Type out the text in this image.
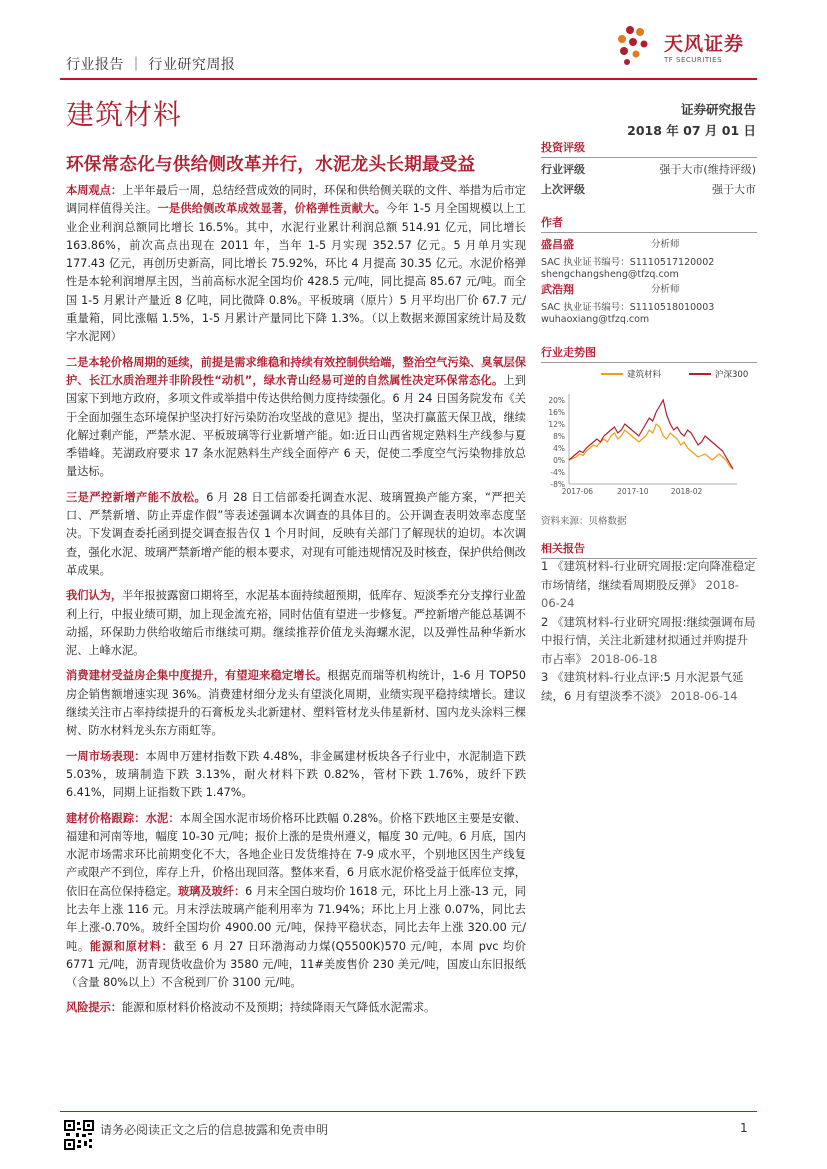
行业报告 ｜ 行业研究周报
建筑材料
天风证券
TF SECURITIES
证券研究报告
2018 年 07 月 01 日
环保常态化与供给侧改革并行，水泥龙头长期最受益

本周观点：上半年最后一周，总结经营成效的同时，环保和供给侧关联的文件、举措为后市定调同样值得关注。一是供给侧改革成效显著，价格弹性贡献大。今年 1-5 月全国规模以上工业企业利润总额同比增长 16.5%。其中，水泥行业累计利润总额 514.91 亿元，同比增长 163.86%，前次高点出现在 2011 年，当年 1-5 月实现 352.57 亿元。5 月单月实现 177.43 亿元，再创历史新高，同比增长 75.92%，环比 4 月提高 30.35 亿元。水泥价格弹性是本轮利润增厚主因，当前高标水泥全国均价 428.5 元/吨，同比提高 85.67 元/吨。而全国 1-5 月累计产量近 8 亿吨，同比微降 0.8%。平板玻璃（原片）5 月平均出厂价 67.7 元/重量箱，同比涨幅 1.5%，1-5 月累计产量同比下降 1.3%。（以上数据来源国家统计局及数字水泥网）

二是本轮价格周期的延续，前提是需求维稳和持续有效控制供给端，整治空气污染、臭氧层保护、长江水质治理并非阶段性“动机”，绿水青山经易可逆的自然属性决定环保常态化。上到国家下到地方政府，多项文件或举措中传达供给侧力度持续强化。6 月 24 日国务院发布《关于全面加强生态环境保护坚决打好污染防治攻坚战的意见》提出，坚决打赢蓝天保卫战，继续化解过剩产能，严禁水泥、平板玻璃等行业新增产能。如:近日山西省规定熟料生产线参与夏季错峰。芜湖政府要求 17 条水泥熟料生产线全面停产 6 天，促使二季度空气污染物排放总量达标。

三是严控新增产能不放松。6 月 28 日工信部委托调查水泥、玻璃置换产能方案，“严把关口、严禁新增、防止弄虚作假”等表述强调本次调查的具体目的。公开调查表明效率态度坚决。下发调查委托函到提交调查报告仅 1 个月时间，反映有关部门了解现状的迫切。本次调查，强化水泥、玻璃严禁新增产能的根本要求，对现有可能违规情况及时核查，保护供给侧改革成果。

我们认为，半年报披露窗口期将至，水泥基本面持续超预期，低库存、短淡季充分支撑行业盈利上行，中报业绩可期，加上现金流充裕，同时估值有望进一步修复。严控新增产能总基调不动摇，环保助力供给收缩后市继续可期。继续推荐价值龙头海螺水泥，以及弹性品种华新水泥、上峰水泥。

消费建材受益房企集中度提升，有望迎来稳定增长。根据克而瑞等机构统计，1-6 月 TOP50 房企销售额增速实现 36%。消费建材细分龙头有望淡化周期，业绩实现平稳持续增长。建议继续关注市占率持续提升的石膏板龙头北新建材、塑料管材龙头伟星新材、国内龙头涂料三棵树、防水材料龙头东方雨虹等。

一周市场表现：本周申万建材指数下跌 4.48%，非金属建材板块各子行业中，水泥制造下跌 5.03%，玻璃制造下跌 3.13%，耐火材料下跌 0.82%，管材下跌 1.76%，玻纤下跌 6.41%，同期上证指数下跌 1.47%。

建材价格跟踪：水泥：本周全国水泥市场价格环比跌幅 0.28%。价格下跌地区主要是安徽、福建和河南等地，幅度 10-30 元/吨；报价上涨的是贵州遵义，幅度 30 元/吨。6 月底，国内水泥市场需求环比前期变化不大，各地企业日发货维持在 7-9 成水平，个别地区因生产线复产或限产不到位，库存上升，价格出现回落。整体来看，6 月底水泥价格受益于低库位支撑，依旧在高位保持稳定。玻璃及玻纤：6 月末全国白玻均价 1618 元，环比上月上涨-13 元，同比去年上涨 116 元。月末浮法玻璃产能利用率为 71.94%；环比上月上涨 0.07%，同比去年上涨-0.70%。玻纤全国均价 4900.00 元/吨，保持平稳状态，同比去年上涨 320.00 元/吨。能源和原材料：截至 6 月 27 日环渤海动力煤(Q5500K)570 元/吨，本周 pvc 均价 6771 元/吨，沥青现货收盘价为 3580 元/吨，11#美废售价 230 美元/吨，国废山东旧报纸（含量 80%以上）不含税到厂价 3100 元/吨。

风险提示：能源和原材料价格波动不及预期；持续降雨天气降低水泥需求。

投资评级
行业评级	强于大市(维持评级)
上次评级	强于大市
作者
盛昌盛	分析师
SAC 执业证书编号：S1110517120002
shengchangsheng@tfzq.com
武浩翔	分析师
SAC 执业证书编号：S1110518010003
wuhaoxiang@tfzq.com
行业走势图
建筑材料	沪深300
20%
16%
12%
8%
4%
0%
-4%
-8%
2017-06	2017-10	2018-02
资料来源：贝格数据
相关报告

1 《建筑材料-行业研究周报:定向降准稳定市场情绪，继续看周期股反弹》 2018-06-24

2 《建筑材料-行业研究周报:继续强调布局中报行情，关注北新建材拟通过并购提升市占率》 2018-06-18

3 《建筑材料-行业点评:5 月水泥景气延续，6 月有望淡季不淡》 2018-06-14

请务必阅读正文之后的信息披露和免责申明	1
